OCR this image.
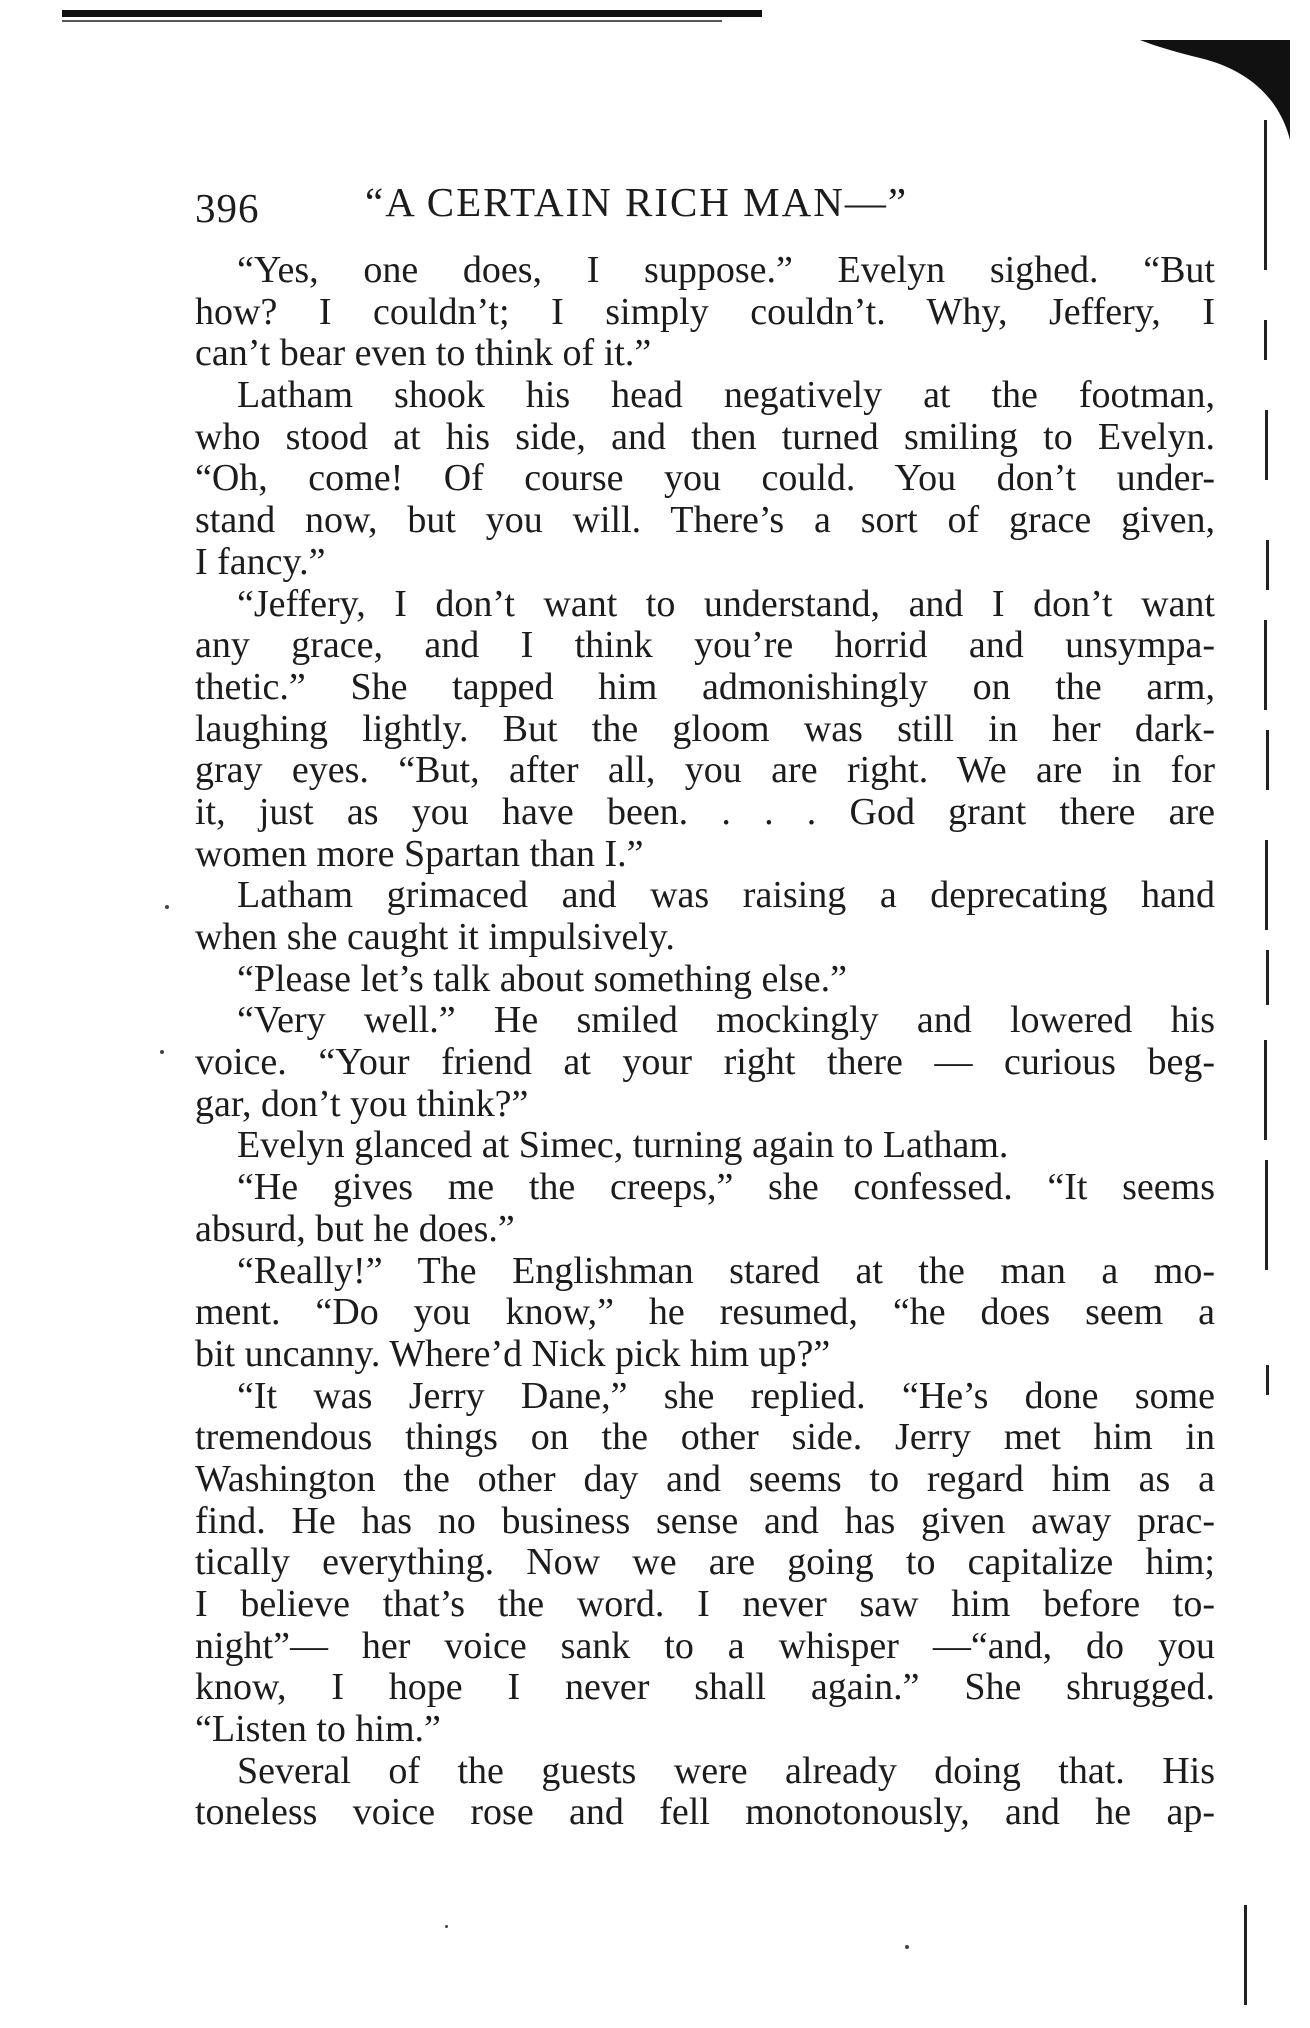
396	“A CERTAIN RICH MAN—”
“Yes, one does, I suppose.” Evelyn sighed. “But
how? I couldn’t; I simply couldn’t. Why, Jeffery, I
can’t bear even to think of it.”
Latham shook his head negatively at the footman,
who stood at his side, and then turned smiling to Evelyn.
“Oh, come! Of course you could. You don’t under-
stand now, but you will. There’s a sort of grace given,
I fancy.”
“Jeffery, I don’t want to understand, and I don’t want
any grace, and I think you’re horrid and unsympa-
thetic.” She tapped him admonishingly on the arm,
laughing lightly. But the gloom was still in her dark-
gray eyes. “But, after all, you are right. We are in for
it, just as you have been. . . . God grant there are
women more Spartan than I.”
Latham grimaced and was raising a deprecating hand
when she caught it impulsively.
“Please let’s talk about something else.”
“Very well.” He smiled mockingly and lowered his
voice. “Your friend at your right there — curious beg-
gar, don’t you think?”
Evelyn glanced at Simec, turning again to Latham.
“He gives me the creeps,” she confessed. “It seems
absurd, but he does.”
“Really!” The Englishman stared at the man a mo-
ment. “Do you know,” he resumed, “he does seem a
bit uncanny. Where’d Nick pick him up?”
“It was Jerry Dane,” she replied. “He’s done some
tremendous things on the other side. Jerry met him in
Washington the other day and seems to regard him as a
find. He has no business sense and has given away prac-
tically everything. Now we are going to capitalize him;
I believe that’s the word. I never saw him before to-
night”— her voice sank to a whisper —“and, do you
know, I hope I never shall again.” She shrugged.
“Listen to him.”
Several of the guests were already doing that. His
toneless voice rose and fell monotonously, and he ap-
